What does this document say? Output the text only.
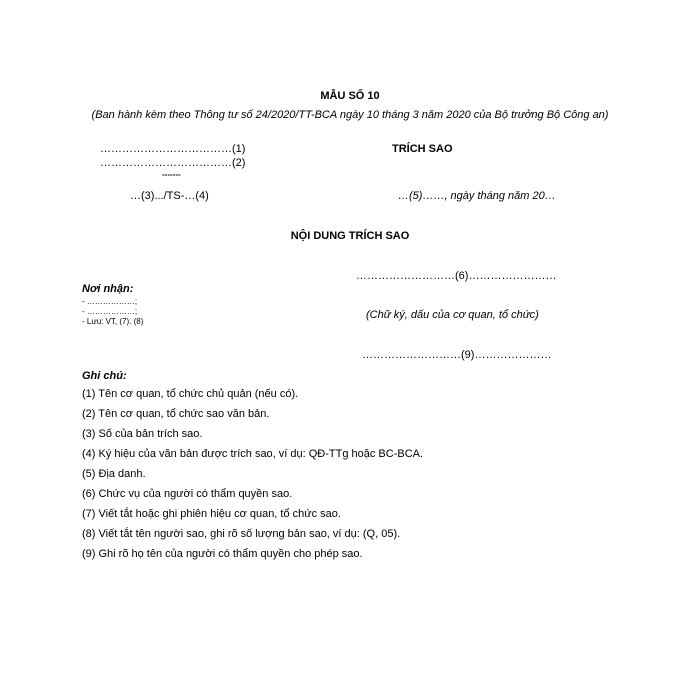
MẪU SỐ 10
(Ban hành kèm theo Thông tư số 24/2020/TT-BCA ngày 10 tháng 3 năm 2020 của Bộ trưởng Bộ Công an)
………………………………(1)
………………………………(2)
-------
…(3).../TS-…(4)
TRÍCH SAO
…(5)……, ngày tháng năm 20…
NỘI DUNG TRÍCH SAO
………………………(6)……………………
(Chữ ký, dấu của cơ quan, tổ chức)
………………………(9)…………………
Nơi nhận:
- ………………;
- ………………;
- Lưu: VT, (7). (8)
Ghi chú:
(1) Tên cơ quan, tổ chức chủ quản (nếu có).
(2) Tên cơ quan, tổ chức sao văn bản.
(3) Số của bản trích sao.
(4) Ký hiệu của văn bản được trích sao, ví dụ: QĐ-TTg hoặc BC-BCA.
(5) Địa danh.
(6) Chức vụ của người có thẩm quyền sao.
(7) Viết tắt hoặc ghi phiên hiệu cơ quan, tổ chức sao.
(8) Viết tắt tên người sao, ghi rõ số lượng bản sao, ví dụ: (Q, 05).
(9) Ghi rõ họ tên của người có thẩm quyền cho phép sao.
